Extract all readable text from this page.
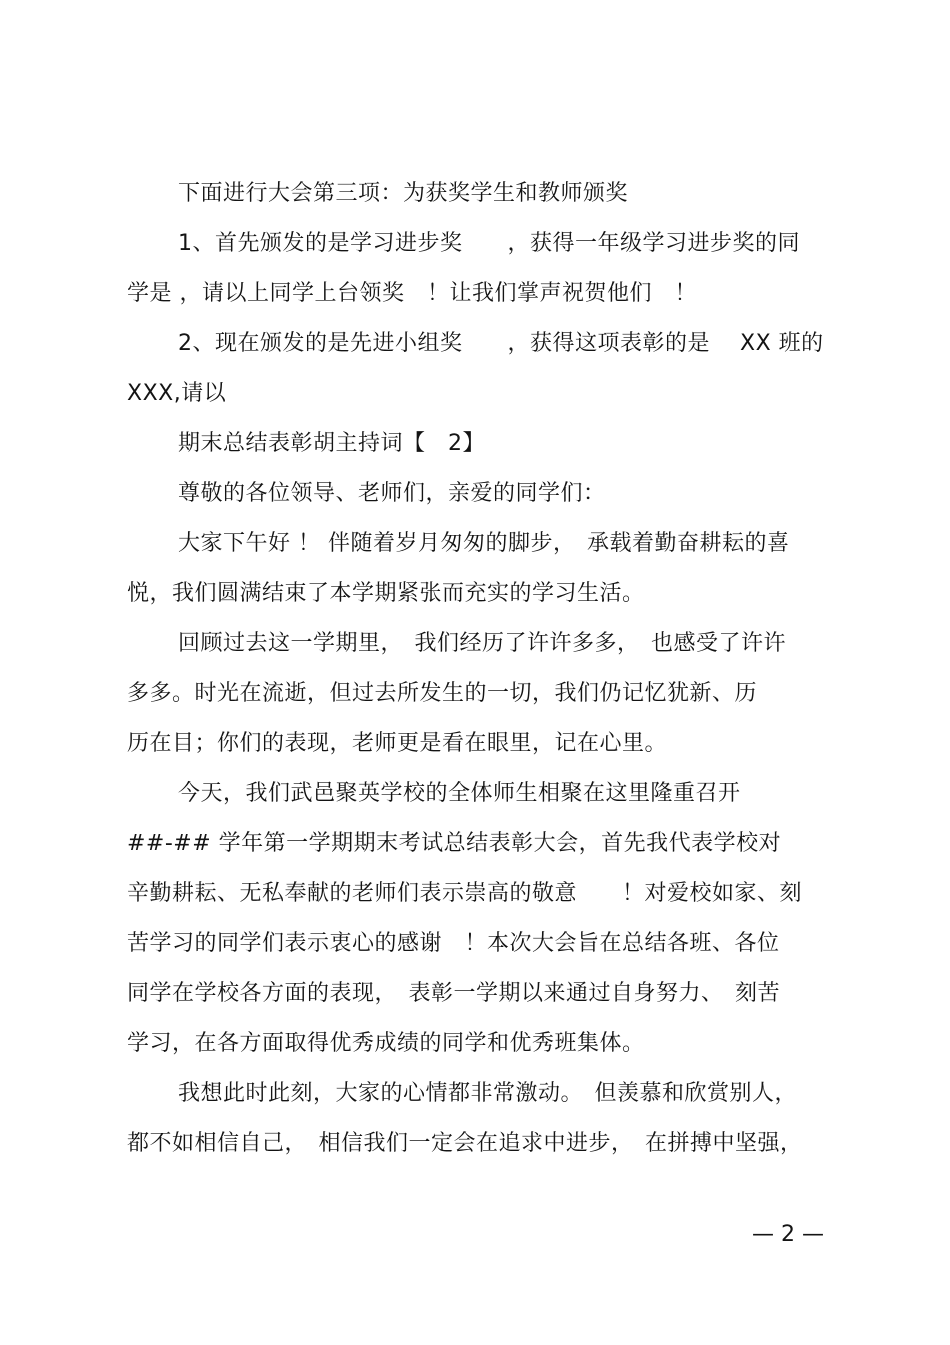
下面进行大会第三项：为获奖学生和教师颁奖
1、首先颁发的是学习进步奖　　，获得一年级学习进步奖的同
学是 ，请以上同学上台领奖　！让我们掌声祝贺他们　！
2、现在颁发的是先进小组奖　　，获得这项表彰的是　 XX 班的
XXX,请以
期末总结表彰胡主持词【　2】
尊敬的各位领导、老师们，亲爱的同学们：
大家下午好 ！ 伴随着岁月匆匆的脚步，　承载着勤奋耕耘的喜
悦，我们圆满结束了本学期紧张而充实的学习生活。
回顾过去这一学期里，　我们经历了许许多多，　也感受了许许
多多。时光在流逝，但过去所发生的一切，我们仍记忆犹新、历
历在目；你们的表现，老师更是看在眼里，记在心里。
今天，我们武邑聚英学校的全体师生相聚在这里隆重召开
##-## 学年第一学期期末考试总结表彰大会，首先我代表学校对
辛勤耕耘、无私奉献的老师们表示崇高的敬意　　！对爱校如家、刻
苦学习的同学们表示衷心的感谢　！本次大会旨在总结各班、各位
同学在学校各方面的表现，　表彰一学期以来通过自身努力、　刻苦
学习，在各方面取得优秀成绩的同学和优秀班集体。
我想此时此刻，大家的心情都非常激动。　但羡慕和欣赏别人，
都不如相信自己，　相信我们一定会在追求中进步，　在拼搏中坚强，
— 2 —
